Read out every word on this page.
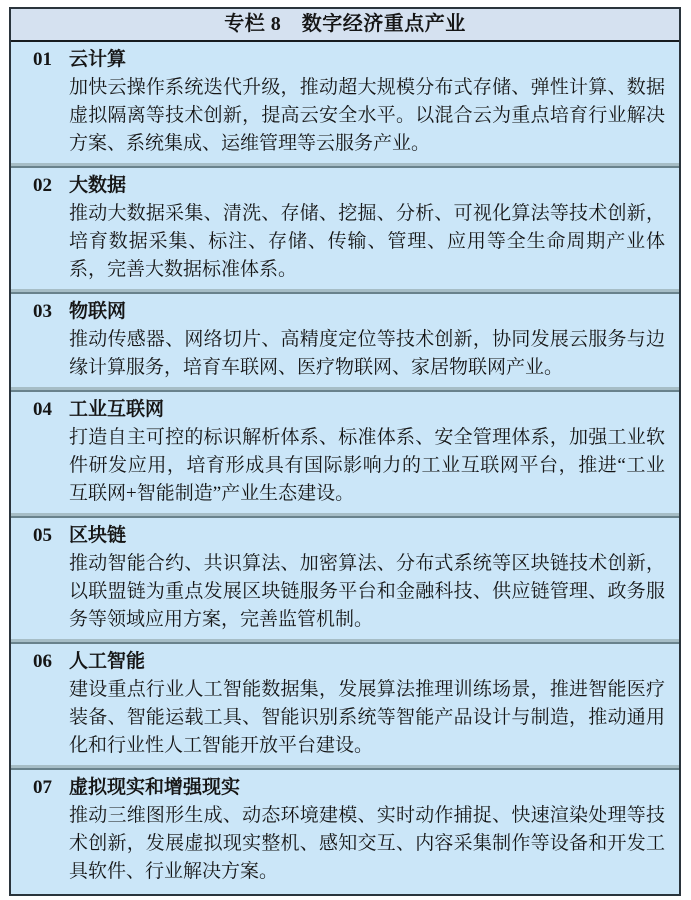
专栏 8　数字经济重点产业
01 云计算

加快云操作系统迭代升级，推动超大规模分布式存储、弹性计算、数据虚拟隔离等技术创新，提高云安全水平。以混合云为重点培育行业解决方案、系统集成、运维管理等云服务产业。

02 大数据

推动大数据采集、清洗、存储、挖掘、分析、可视化算法等技术创新，培育数据采集、标注、存储、传输、管理、应用等全生命周期产业体系，完善大数据标准体系。

03 物联网

推动传感器、网络切片、高精度定位等技术创新，协同发展云服务与边缘计算服务，培育车联网、医疗物联网、家居物联网产业。

04 工业互联网

打造自主可控的标识解析体系、标准体系、安全管理体系，加强工业软件研发应用，培育形成具有国际影响力的工业互联网平台，推进“工业互联网+智能制造”产业生态建设。

05 区块链

推动智能合约、共识算法、加密算法、分布式系统等区块链技术创新，以联盟链为重点发展区块链服务平台和金融科技、供应链管理、政务服务等领域应用方案，完善监管机制。

06 人工智能

建设重点行业人工智能数据集，发展算法推理训练场景，推进智能医疗装备、智能运载工具、智能识别系统等智能产品设计与制造，推动通用化和行业性人工智能开放平台建设。

07 虚拟现实和增强现实

推动三维图形生成、动态环境建模、实时动作捕捉、快速渲染处理等技术创新，发展虚拟现实整机、感知交互、内容采集制作等设备和开发工具软件、行业解决方案。
